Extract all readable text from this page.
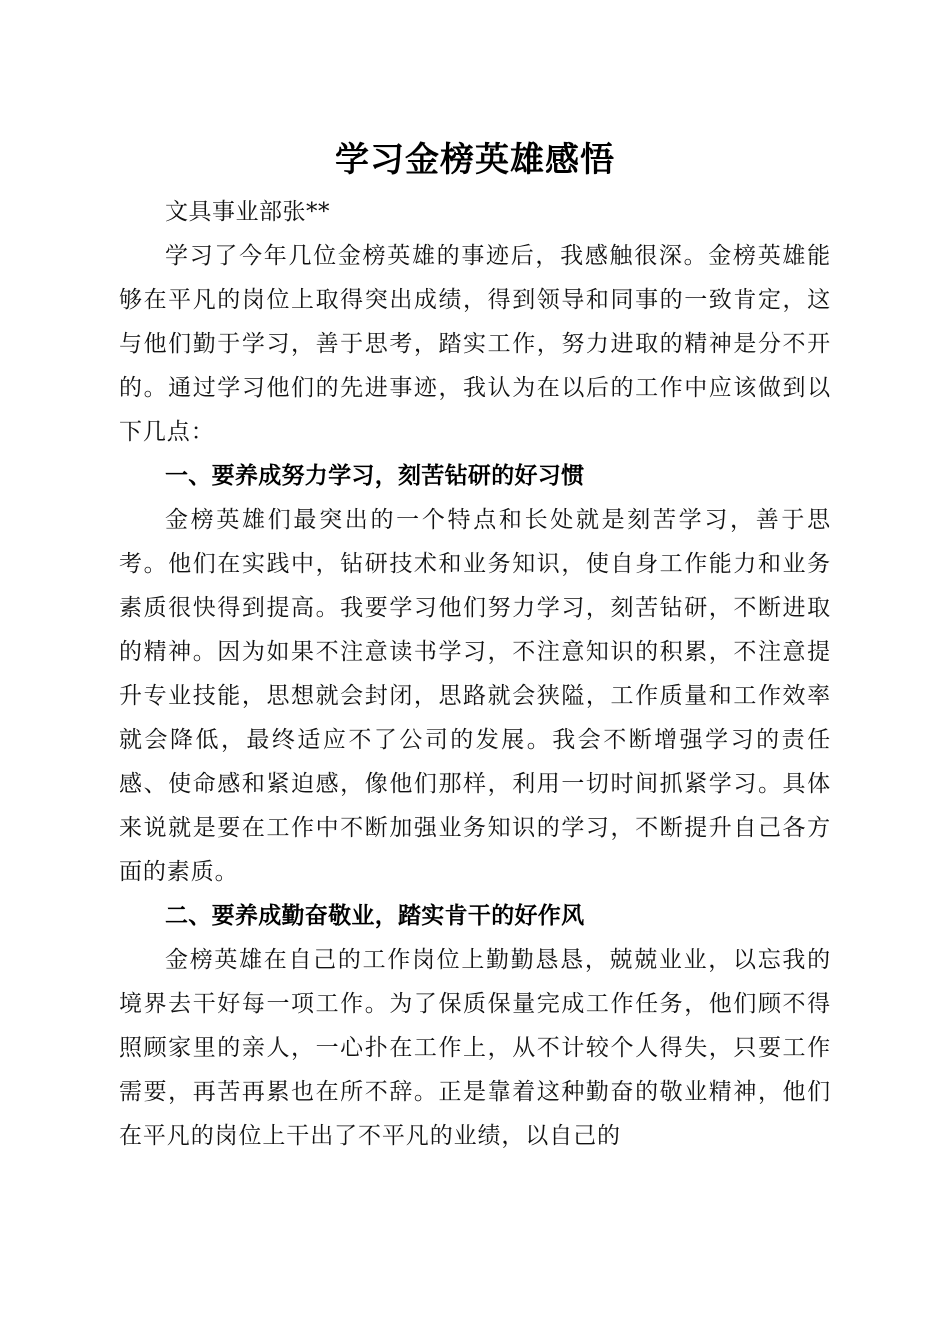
学习金榜英雄感悟

文具事业部张**

学习了今年几位金榜英雄的事迹后，我感触很深。金榜英雄能够在平凡的岗位上取得突出成绩，得到领导和同事的一致肯定，这与他们勤于学习，善于思考，踏实工作，努力进取的精神是分不开的。通过学习他们的先进事迹，我认为在以后的工作中应该做到以下几点：

一、要养成努力学习，刻苦钻研的好习惯

金榜英雄们最突出的一个特点和长处就是刻苦学习，善于思考。他们在实践中，钻研技术和业务知识，使自身工作能力和业务素质很快得到提高。我要学习他们努力学习，刻苦钻研，不断进取的精神。因为如果不注意读书学习，不注意知识的积累，不注意提升专业技能，思想就会封闭，思路就会狭隘，工作质量和工作效率就会降低，最终适应不了公司的发展。我会不断增强学习的责任感、使命感和紧迫感，像他们那样，利用一切时间抓紧学习。具体来说就是要在工作中不断加强业务知识的学习，不断提升自己各方面的素质。

二、要养成勤奋敬业，踏实肯干的好作风

金榜英雄在自己的工作岗位上勤勤恳恳，兢兢业业，以忘我的境界去干好每一项工作。为了保质保量完成工作任务，他们顾不得照顾家里的亲人，一心扑在工作上，从不计较个人得失，只要工作需要，再苦再累也在所不辞。正是靠着这种勤奋的敬业精神，他们在平凡的岗位上干出了不平凡的业绩，以自己的
